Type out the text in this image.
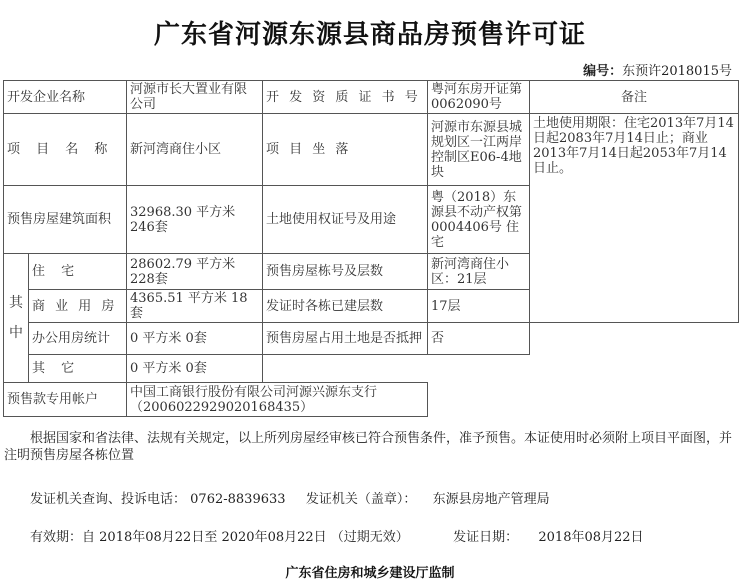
广东省河源东源县商品房预售许可证
编号：东预许2018015号
开发企业名称		河源市长大置业有限公司	开 发 资 质 证 书 号	粤河东房开证第0062090号	备注	
项 目 名 称		新河湾商住小区	项 目 坐 落	河源市东源县城规划区一江两岸控制区E06-4地块	土地使用期限：住宅2013年7月14日起2083年7月14日止；商业2013年7月14日起2053年7月14日止。	
预售房屋建筑面积		32968.30 平方米 246套	土地使用权证号及用途	粤（2018）东源县不动产权第0004406号 住宅		

其
中	住 宅	28602.79 平方米 228套	预售房屋栋号及层数	新河湾商住小区：21层		
	商 业 用 房	4365.51 平方米 18套	发证时各栋已建层数	17层		
	办公用房统计	0 平方米 0套	预售房屋占用土地是否抵押	否		
	其 它	0 平方米 0套				
预售款专用帐户		中国工商银行股份有限公司河源兴源东支行（2006022929020168435）				
根据国家和省法律、法规有关规定，以上所列房屋经审核已符合预售条件，准予预售。本证使用时必须附上项目平面图，并注明预售房屋各栋位置
发证机关查询、投诉电话： 0762-8839633 发证机关（盖章）： 东源县房地产管理局
有效期：自 2018年08月22日至 2020年08月22日 （过期无效）	发证日期： 2018年08月22日
广东省住房和城乡建设厅监制
